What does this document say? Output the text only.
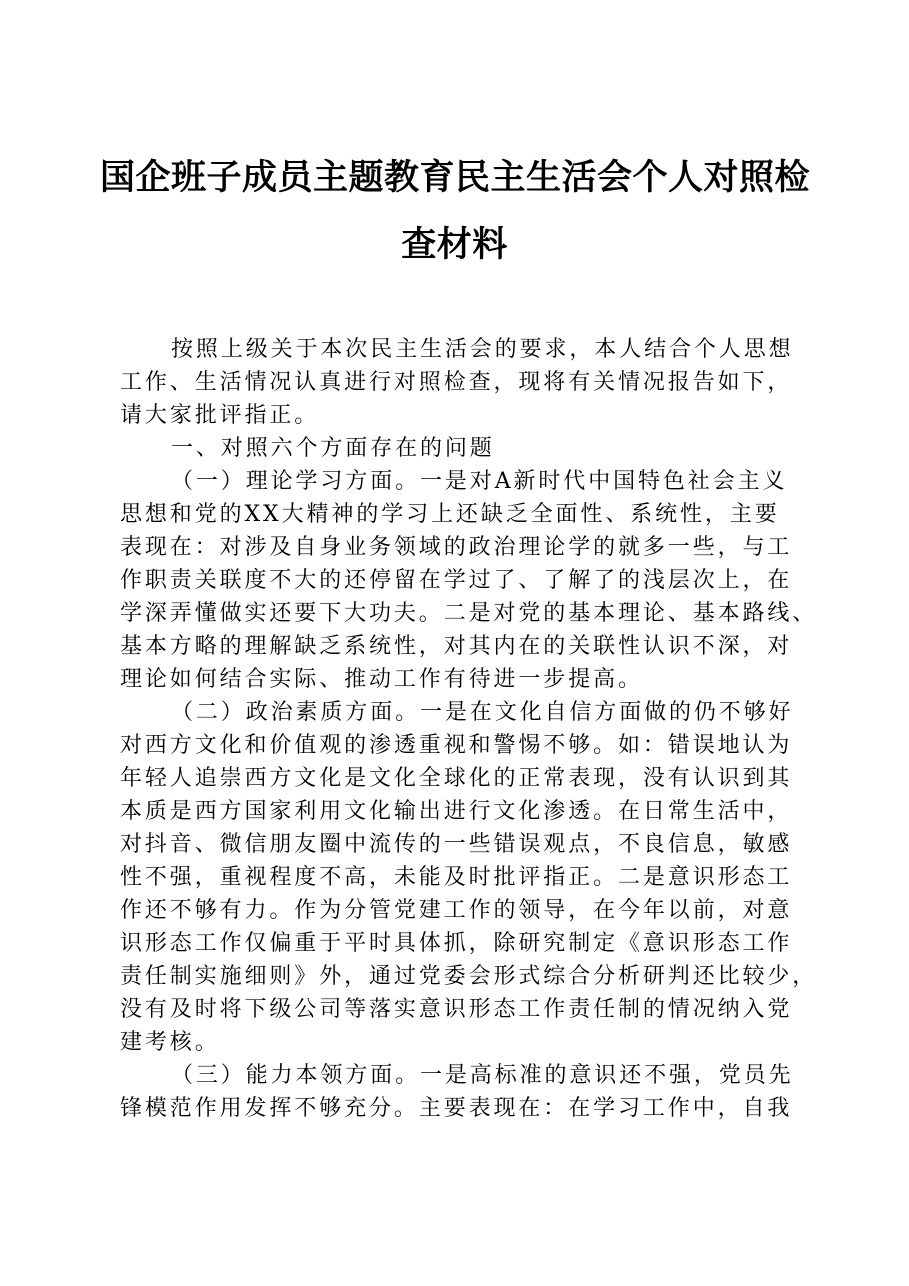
国企班子成员主题教育民主生活会个人对照检
查材料
按照上级关于本次民主生活会的要求，本人结合个人思想
工作、生活情况认真进行对照检查，现将有关情况报告如下，
请大家批评指正。
一、对照六个方面存在的问题
（一）理论学习方面。一是对A新时代中国特色社会主义
思想和党的XX大精神的学习上还缺乏全面性、系统性，主要
表现在：对涉及自身业务领域的政治理论学的就多一些，与工
作职责关联度不大的还停留在学过了、了解了的浅层次上，在
学深弄懂做实还要下大功夫。二是对党的基本理论、基本路线、
基本方略的理解缺乏系统性，对其内在的关联性认识不深，对
理论如何结合实际、推动工作有待进一步提高。
（二）政治素质方面。一是在文化自信方面做的仍不够好
对西方文化和价值观的渗透重视和警惕不够。如：错误地认为
年轻人追崇西方文化是文化全球化的正常表现，没有认识到其
本质是西方国家利用文化输出进行文化渗透。在日常生活中，
对抖音、微信朋友圈中流传的一些错误观点，不良信息，敏感
性不强，重视程度不高，未能及时批评指正。二是意识形态工
作还不够有力。作为分管党建工作的领导，在今年以前，对意
识形态工作仅偏重于平时具体抓，除研究制定《意识形态工作
责任制实施细则》外，通过党委会形式综合分析研判还比较少，
没有及时将下级公司等落实意识形态工作责任制的情况纳入党
建考核。
（三）能力本领方面。一是高标准的意识还不强，党员先
锋模范作用发挥不够充分。主要表现在：在学习工作中，自我
